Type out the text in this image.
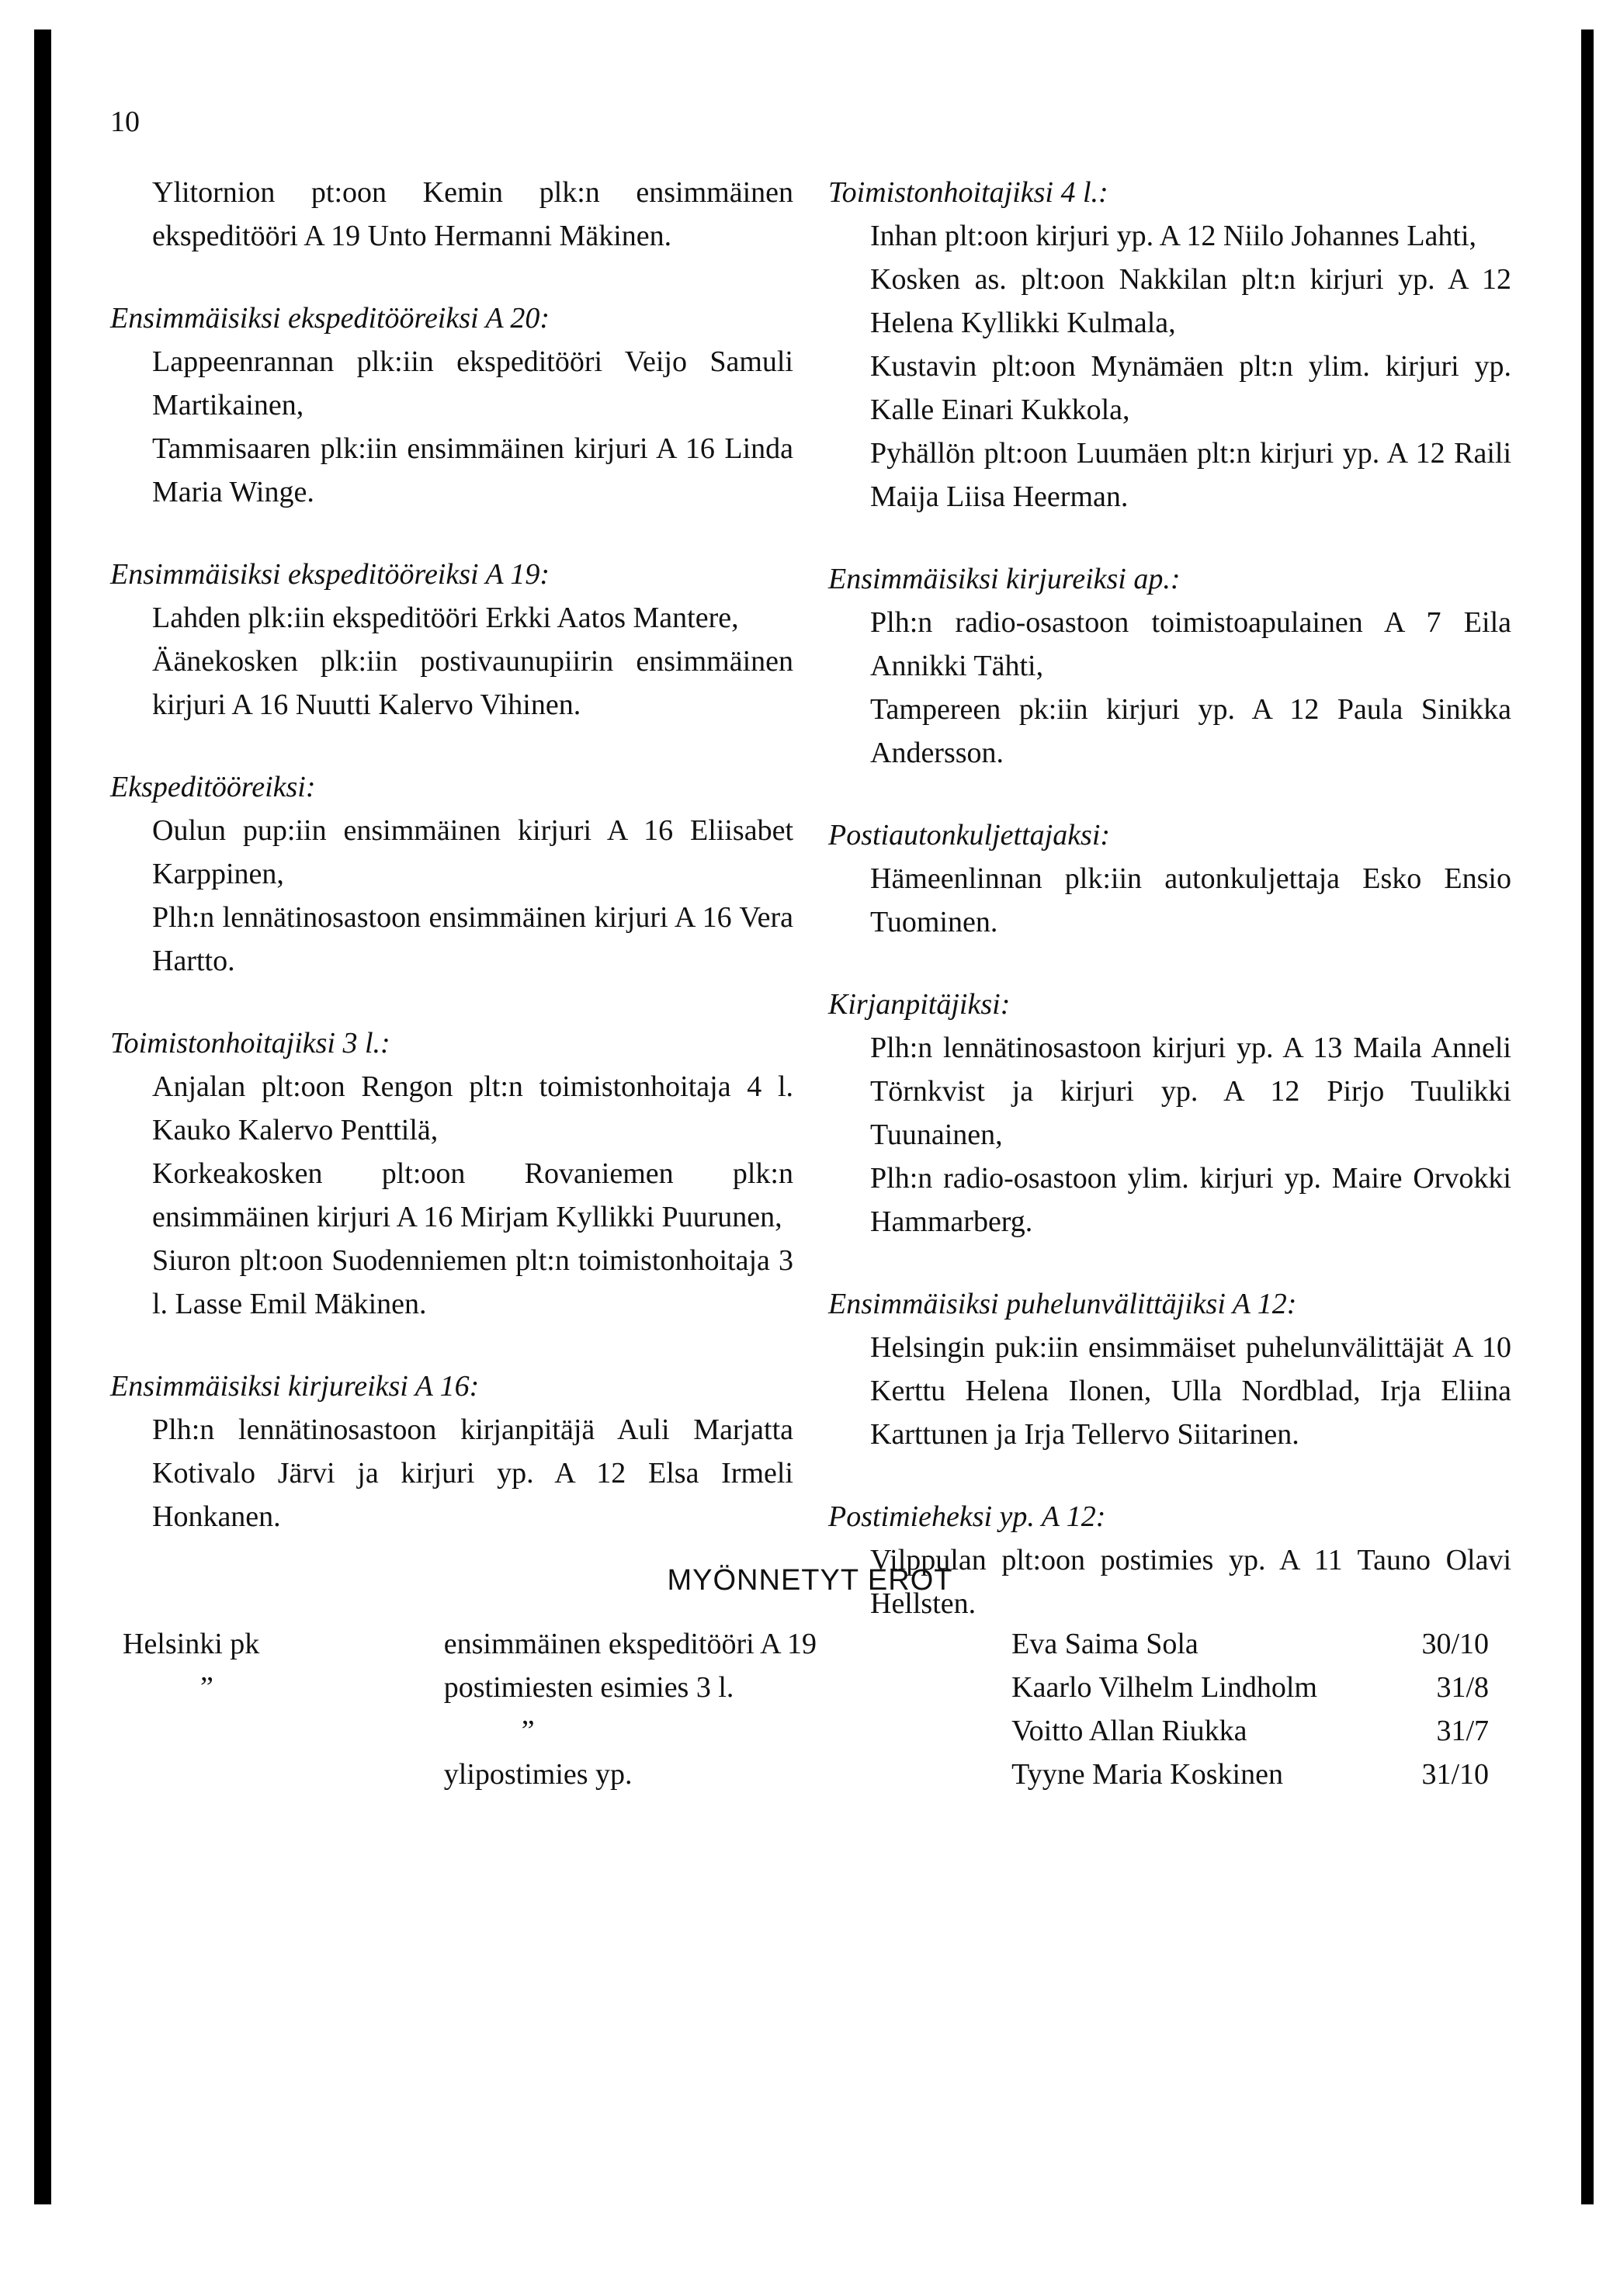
10
Ylitornion pt:oon Kemin plk:n ensimmäinen ekspeditööri A 19 Unto Hermanni Mäkinen.
Ensimmäisiksi ekspeditööreiksi A 20:
Lappeenrannan plk:iin ekspeditööri Veijo Samuli Martikainen,
Tammisaaren plk:iin ensimmäinen kirjuri A 16 Linda Maria Winge.
Ensimmäisiksi ekspeditööreiksi A 19:
Lahden plk:iin ekspeditööri Erkki Aatos Mantere,
Äänekosken plk:iin postivaunupiirin ensimmäinen kirjuri A 16 Nuutti Kalervo Vihinen.
Ekspeditööreiksi:
Oulun pup:iin ensimmäinen kirjuri A 16 Eliisabet Karppinen,
Plh:n lennätinosastoon ensimmäinen kirjuri A 16 Vera Hartto.
Toimistonhoitajiksi 3 l.:
Anjalan plt:oon Rengon plt:n toimistonhoitaja 4 l. Kauko Kalervo Penttilä,
Korkeakosken plt:oon Rovaniemen plk:n ensimmäinen kirjuri A 16 Mirjam Kyllikki Puurunen,
Siuron plt:oon Suodenniemen plt:n toimistonhoitaja 3 l. Lasse Emil Mäkinen.
Ensimmäisiksi kirjureiksi A 16:
Plh:n lennätinosastoon kirjanpitäjä Auli Marjatta Kotivalo Järvi ja kirjuri yp. A 12 Elsa Irmeli Honkanen.
Toimistonhoitajiksi 4 l.:
Inhan plt:oon kirjuri yp. A 12 Niilo Johannes Lahti,
Kosken as. plt:oon Nakkilan plt:n kirjuri yp. A 12 Helena Kyllikki Kulmala,
Kustavin plt:oon Mynämäen plt:n ylim. kirjuri yp. Kalle Einari Kukkola,
Pyhällön plt:oon Luumäen plt:n kirjuri yp. A 12 Raili Maija Liisa Heerman.
Ensimmäisiksi kirjureiksi ap.:
Plh:n radio-osastoon toimistoapulainen A 7 Eila Annikki Tähti,
Tampereen pk:iin kirjuri yp. A 12 Paula Sinikka Andersson.
Postiautonkuljettajaksi:
Hämeenlinnan plk:iin autonkuljettaja Esko Ensio Tuominen.
Kirjanpitäjiksi:
Plh:n lennätinosastoon kirjuri yp. A 13 Maila Anneli Törnkvist ja kirjuri yp. A 12 Pirjo Tuulikki Tuunainen,
Plh:n radio-osastoon ylim. kirjuri yp. Maire Orvokki Hammarberg.
Ensimmäisiksi puhelunvälittäjiksi A 12:
Helsingin puk:iin ensimmäiset puhelunvälittäjät A 10 Kerttu Helena Ilonen, Ulla Nordblad, Irja Eliina Karttunen ja Irja Tellervo Siitarinen.
Postimieheksi yp. A 12:
Vilppulan plt:oon postimies yp. A 11 Tauno Olavi Hellsten.
MYÖNNETYT EROT
Helsinki pk	ensimmäinen ekspeditööri A 19	Eva Saima Sola	30/10
”	postimiesten esimies 3 l.	Kaarlo Vilhelm Lindholm	31/8
	”	Voitto Allan Riukka	31/7
	ylipostimies yp.	Tyyne Maria Koskinen	31/10
